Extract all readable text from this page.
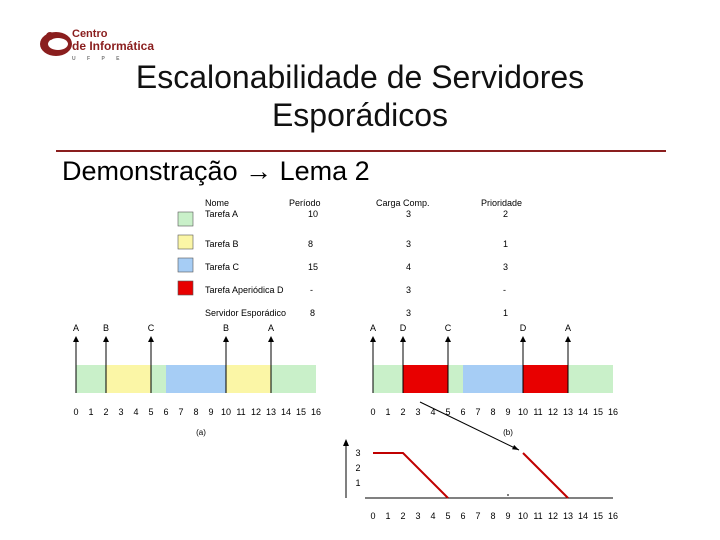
Centro
de Informática
U F P E Escalonabilidade de Servidores
Esporádicos
Demonstração → Lema 2
Nome	Período	Carga Comp.	Prioridade
Tarefa A	10	3	2
Tarefa B	8	3	1
Tarefa C	15	4	3
Tarefa Aperiódica D	-	3	-
Servidor Esporádico	8	3	1
A	B	C	B	A
0 1 2 3 4 5 6 7 8 9 10 11 12 13 14 15 16
(a)
A	D	C	D	A
0 1 2 3 4 5 6 7 8 9 10 11 12 13 14 15 16
(b)
3
2
1
0 1 2 3 4 5 6 7 8 9 10 11 12 13 14 15 16
